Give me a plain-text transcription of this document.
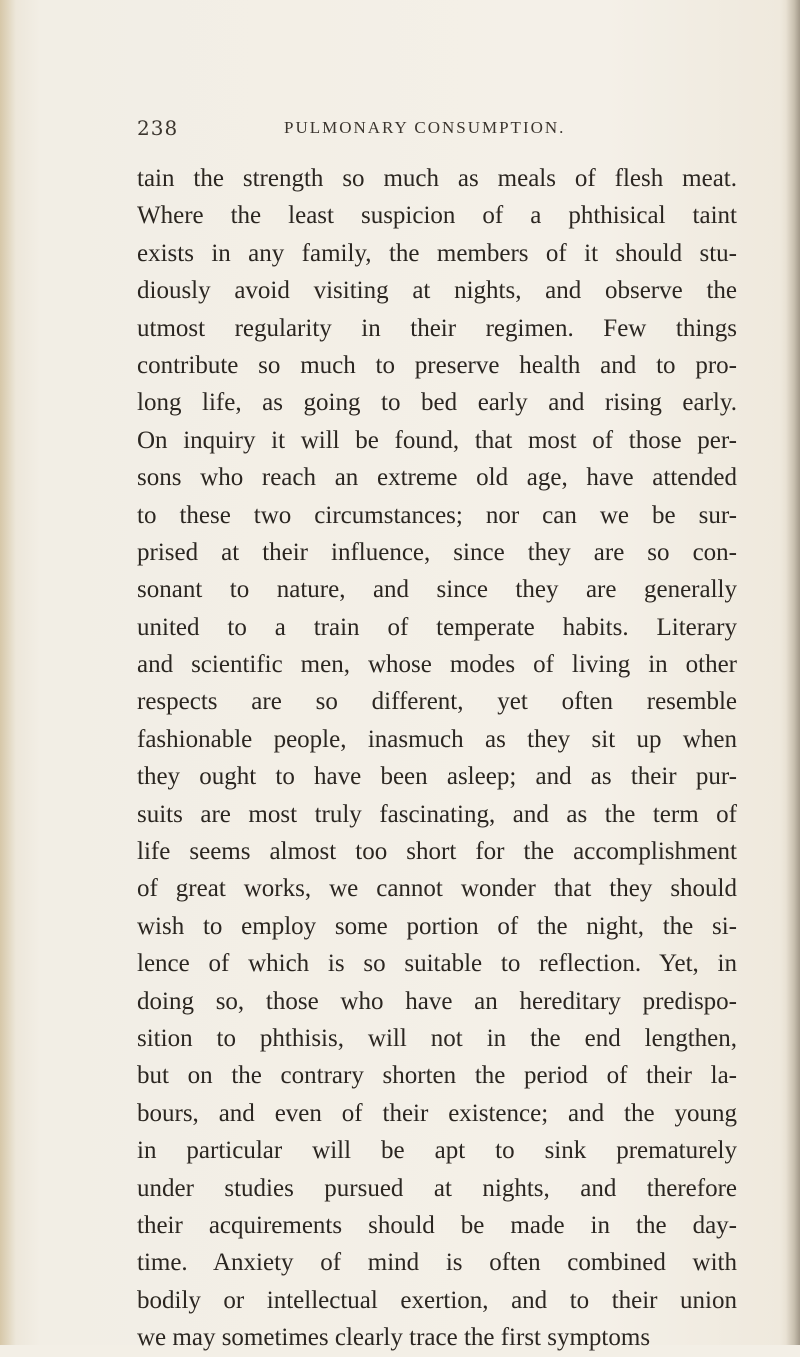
238	PULMONARY CONSUMPTION.
tain the strength so much as meals of flesh meat.
Where the least suspicion of a phthisical taint
exists in any family, the members of it should stu-
diously avoid visiting at nights, and observe the
utmost regularity in their regimen. Few things
contribute so much to preserve health and to pro-
long life, as going to bed early and rising early.
On inquiry it will be found, that most of those per-
sons who reach an extreme old age, have attended
to these two circumstances; nor can we be sur-
prised at their influence, since they are so con-
sonant to nature, and since they are generally
united to a train of temperate habits. Literary
and scientific men, whose modes of living in other
respects are so different, yet often resemble
fashionable people, inasmuch as they sit up when
they ought to have been asleep; and as their pur-
suits are most truly fascinating, and as the term of
life seems almost too short for the accomplishment
of great works, we cannot wonder that they should
wish to employ some portion of the night, the si-
lence of which is so suitable to reflection. Yet, in
doing so, those who have an hereditary predispo-
sition to phthisis, will not in the end lengthen,
but on the contrary shorten the period of their la-
bours, and even of their existence; and the young
in particular will be apt to sink prematurely
under studies pursued at nights, and therefore
their acquirements should be made in the day-
time. Anxiety of mind is often combined with
bodily or intellectual exertion, and to their union
we may sometimes clearly trace the first symptoms
